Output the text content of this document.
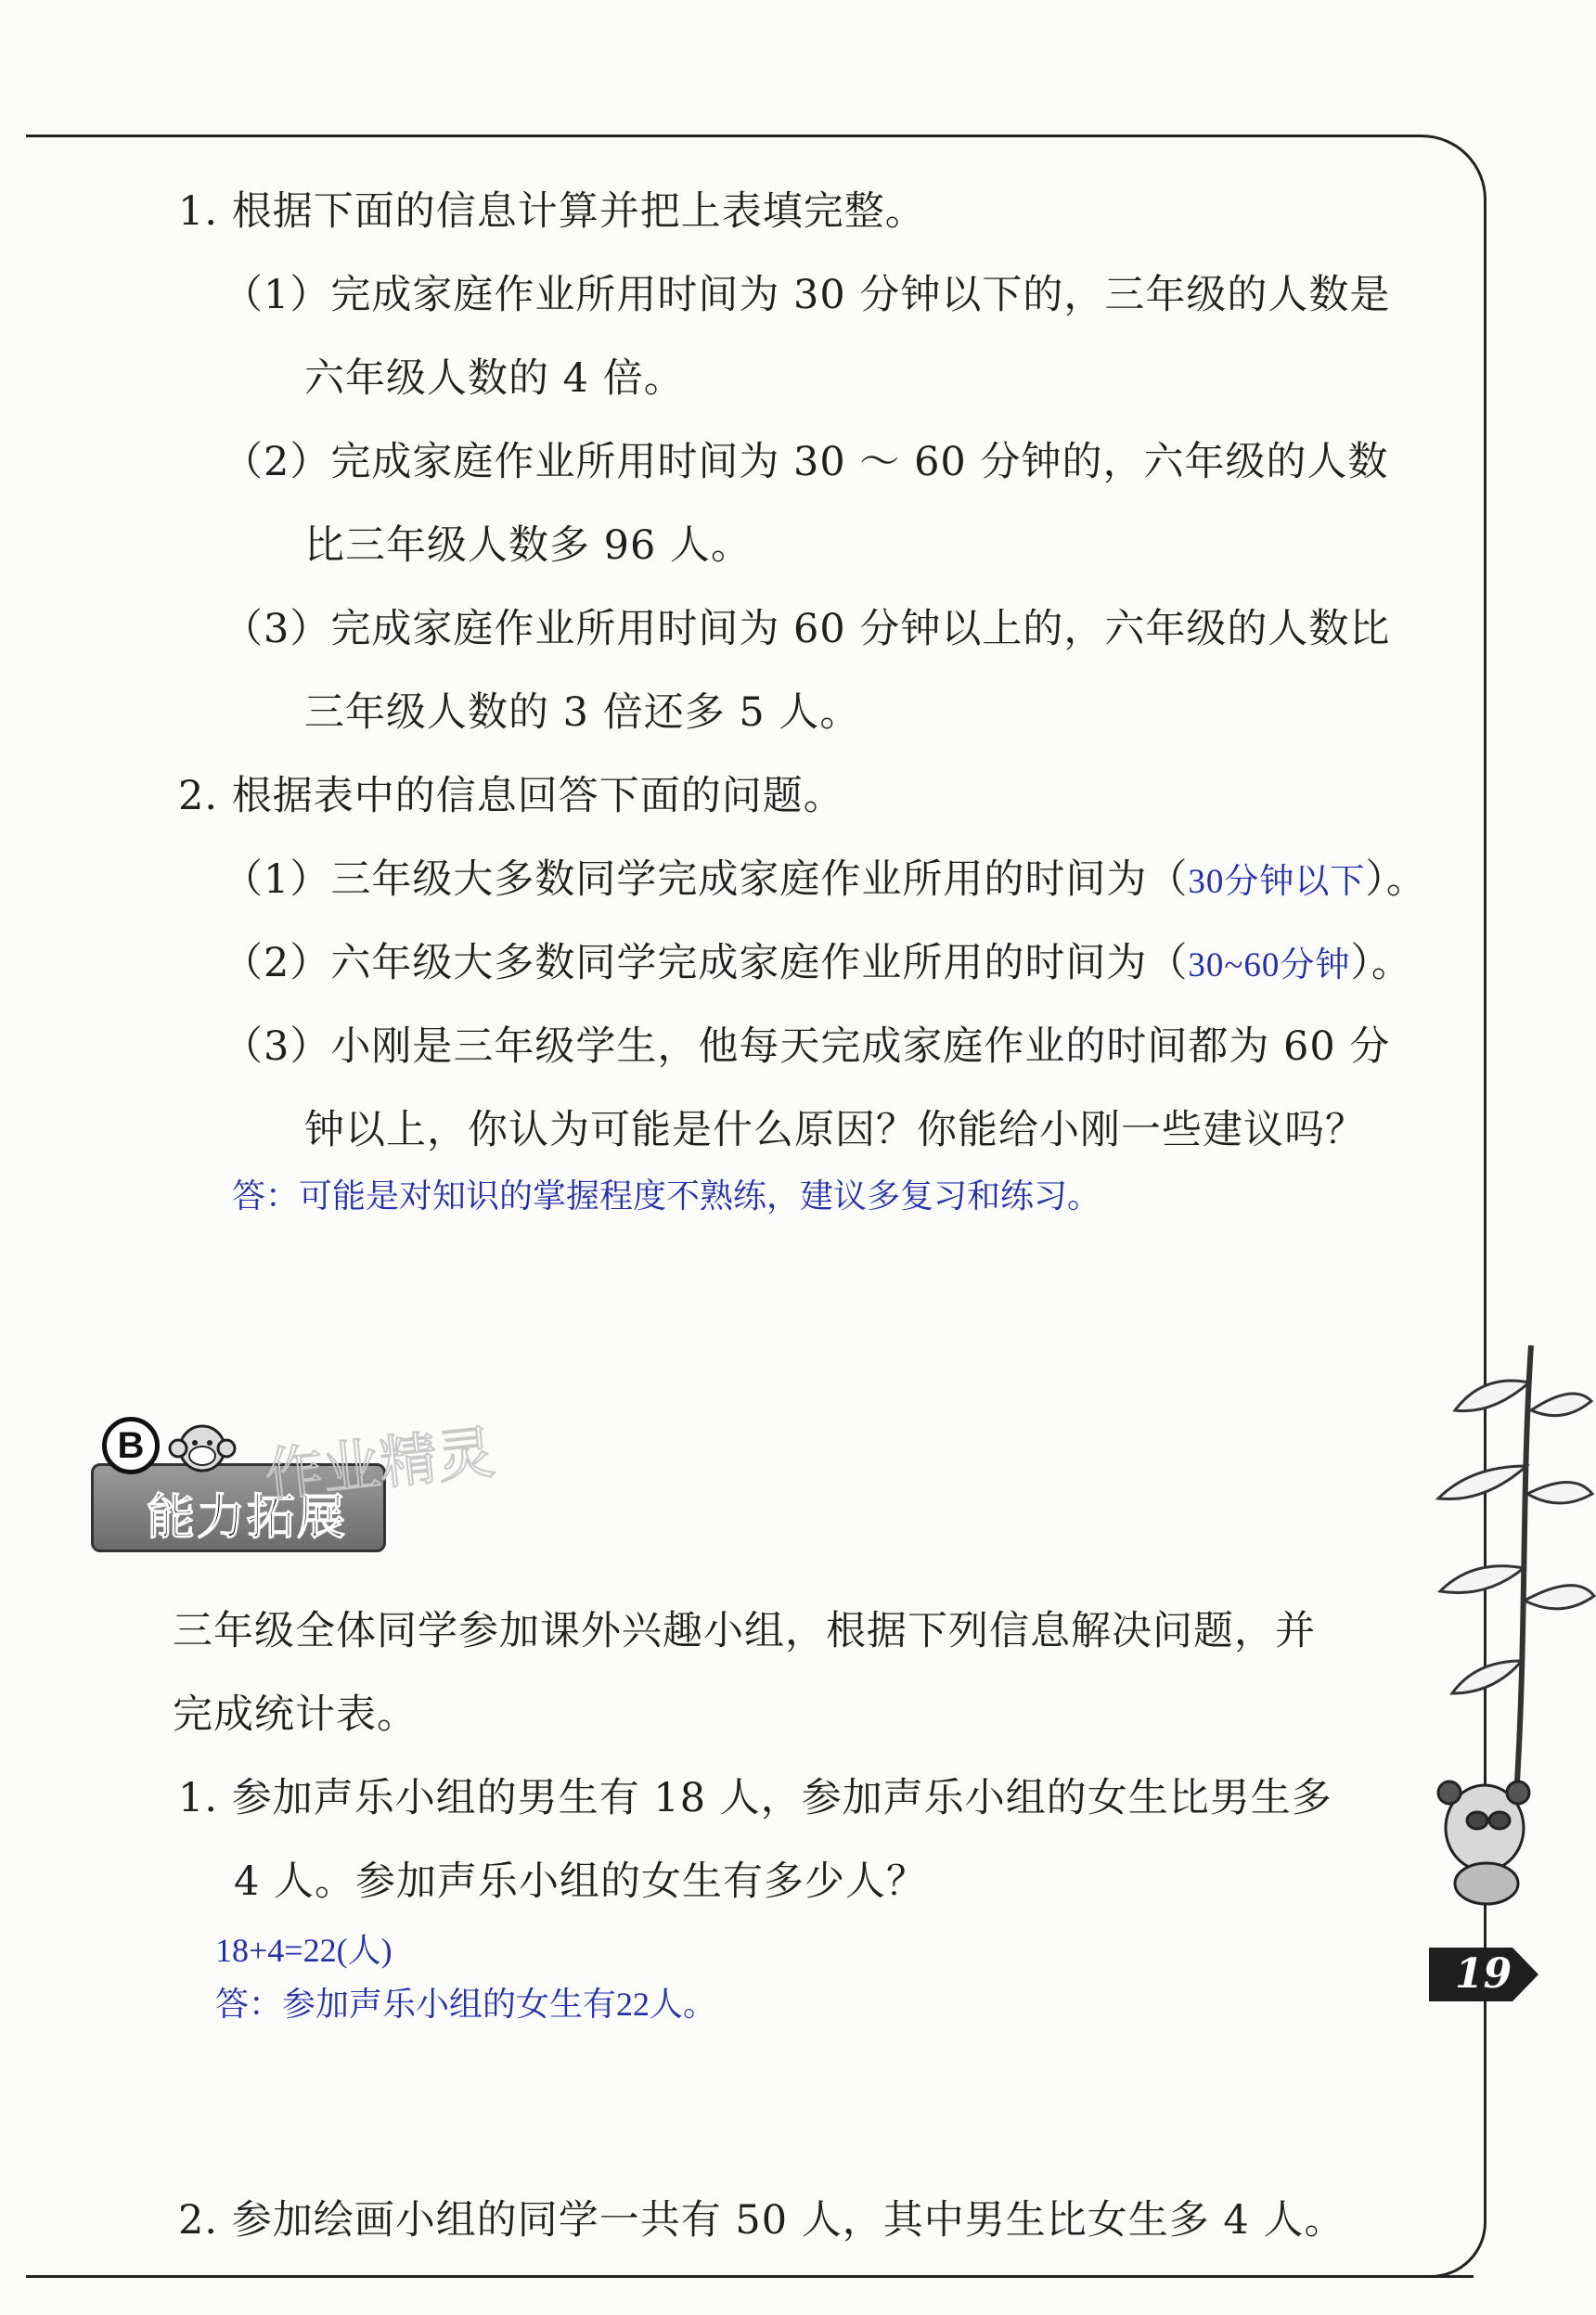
1. 根据下面的信息计算并把上表填完整。
（1）完成家庭作业所用时间为 30 分钟以下的，三年级的人数是
六年级人数的 4 倍。
（2）完成家庭作业所用时间为 30 ～ 60 分钟的，六年级的人数
比三年级人数多 96 人。
（3）完成家庭作业所用时间为 60 分钟以上的，六年级的人数比
三年级人数的 3 倍还多 5 人。
2. 根据表中的信息回答下面的问题。
（1）三年级大多数同学完成家庭作业所用的时间为（30分钟以下）。
（2）六年级大多数同学完成家庭作业所用的时间为（30~60分钟）。
（3）小刚是三年级学生，他每天完成家庭作业的时间都为 60 分
钟以上，你认为可能是什么原因？你能给小刚一些建议吗？
答：可能是对知识的掌握程度不熟练，建议多复习和练习。
B
能力拓展
作业精灵
三年级全体同学参加课外兴趣小组，根据下列信息解决问题，并
完成统计表。
1. 参加声乐小组的男生有 18 人，参加声乐小组的女生比男生多
4 人。参加声乐小组的女生有多少人？
18+4=22(人)
答：参加声乐小组的女生有22人。
2. 参加绘画小组的同学一共有 50 人，其中男生比女生多 4 人。
19
